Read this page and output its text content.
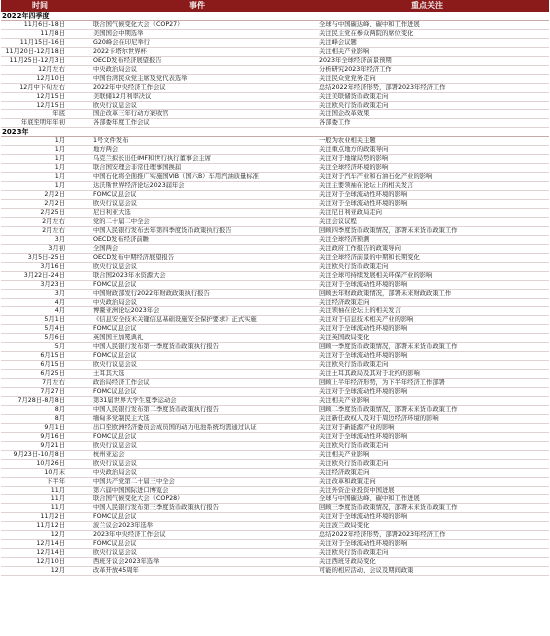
时间	事件	重点关注
2022年四季度
11月6日-18日	联合国气候变化大会（COP27）	全球与中国碳达峰、碳中和工作进展
11月8日	美国国会中期选举	关注民主党在参众两院的席位变化
11月15日-16日	G20峰会在印尼举行	关注峰会议题
11月20日-12月18日	2022卡塔尔世界杯	关注相关产业影响
11月25日-12月3日	OECD发布经济展望报告	2023年全球经济前景预期
12月左右	中央政治局会议	分析研究2023年经济工作
12月10日	中国台湾民众党主席及党代表选举	关注民众党党务走向
12月中下旬左右	2022年中央经济工作会议	总结2022年经济形势，部署2023年经济工作
12月15日	美联储12月利率决议	关注美联储货币政策走向
12月15日	欧央行议息会议	关注欧央行货币政策走向
年底	国企改革三年行动方案收官	关注国企改革效果
年底至明年年初	各部委年度工作会议	各部委工作
2023年
1月	1号文件发布	一般为农业相关主题
1月	地方两会	关注重点地方的政策导向
1月	乌克兰拟长出任IMF和世行执行董事会主席	关注对于地缘局势的影响
1月	联合国安理会非常任理事国换届	关注全球经济环境的影响
1月	中国石化将全面推广实施国VIB（国六B）车用汽油质量标准	关注对于汽车产业和石油石化产业的影响
1月	达沃斯世界经济论坛2023届年会	关注主要领袖在论坛上的相关发言
2月2日	FOMC议息会议	关注对于全球流动性环境的影响
2月2日	欧央行议息会议	关注对于全球流动性环境的影响
2月25日	尼日利亚大选	关注尼日利亚政局走向
2月左右	党的二十届二中全会	关注会议议程
2月左右	中国人民银行发布去年第四季度货币政策执行报告	回顾四季度货币政策情况，部署未来货币政策工作
3月	OECD发布经济前瞻	关注全球经济预测
3月初	全国两会	关注政府工作报告的政策导向
3月5日-25日	OECD发布中期经济展望报告	关注全球经济前景的中期和长期变化
3月16日	欧央行议息会议	关注欧央行货币政策走向
3月22日-24日	联合国2023年水资源大会	关注全球可持续发展相关环保产业的影响
3月23日	FOMC议息会议	关注对于全球流动性环境的影响
3月	中国财政部发行2022年财政政策执行报告	回顾去年财政政策情况，部署未来财政政策工作
4月	中央政治局会议	关注经济政策走向
4月	博鳌亚洲论坛2023年会	关注领袖在论坛上的相关发言
5月1日	《信息安全技术关键信息基础设施安全保护要求》正式实施	关注对于信息技术相关产业的影响
5月4日	FOMC议息会议	关注对于全球流动性环境的影响
5月6日	英国国王加冕典礼	关注英国政局变化
5月	中国人民银行发布第一季度货币政策执行报告	回顾一季度货币政策情况，部署未来货币政策工作
6月15日	FOMC议息会议	关注对于全球流动性环境的影响
6月15日	欧央行议息会议	关注欧央行货币政策走向
6月25日	土耳其大选	关注土耳其政局及其对于北约的影响
7月左右	政治局经济工作会议	回顾上半年经济形势，为下半年经济工作部署
7月27日	FOMC议息会议	关注对于全球流动性环境的影响
7月28日-8月8日	第31届世界大学生夏季运动会	关注相关产业影响
8月	中国人民银行发布第二季度货币政策执行报告	回顾二季度货币政策情况，部署未来货币政策工作
8月	缅甸多党制民主大选	关注新任政权人及对于周边经济环境的影响
9月1日	出口至欧洲经济委员会成员国的动力电池系统均需通过认证	关注对于新能源产业的影响
9月16日	FOMC议息会议	关注对于全球流动性环境的影响
9月21日	欧央行议息会议	关注欧央行货币政策走向
9月23日-10月8日	杭州亚运会	关注相关产业影响
10月26日	欧央行议息会议	关注欧央行货币政策走向
10月末	中央政治局会议	关注经济政策走向
下半年	中国共产党第二十届三中全会	关注改革和政策走向
11月	第六届中国国际进口博览会	关注外资企业投资中国进展
11月	联合国气候变化大会（COP28）	全球与中国碳达峰、碳中和工作进展
11月	中国人民银行发布第三季度货币政策执行报告	回顾三季度货币政策情况，部署未来货币政策工作
11月2日	FOMC议息会议	关注对于全球流动性环境的影响
11月12日	波兰议会2023年选举	关注波兰政局变化
12月	2023年中央经济工作会议	总结2022年经济形势，部署2023年经济工作
12月14日	FOMC议息会议	关注对于全球流动性环境的影响
12月14日	欧央行议息会议	关注欧央行货币政策走向
12月10日	西班牙议会2023年选举	关注西班牙政局变化
12月	改革开放45周年	可能的相应活动、会议及期间政策
